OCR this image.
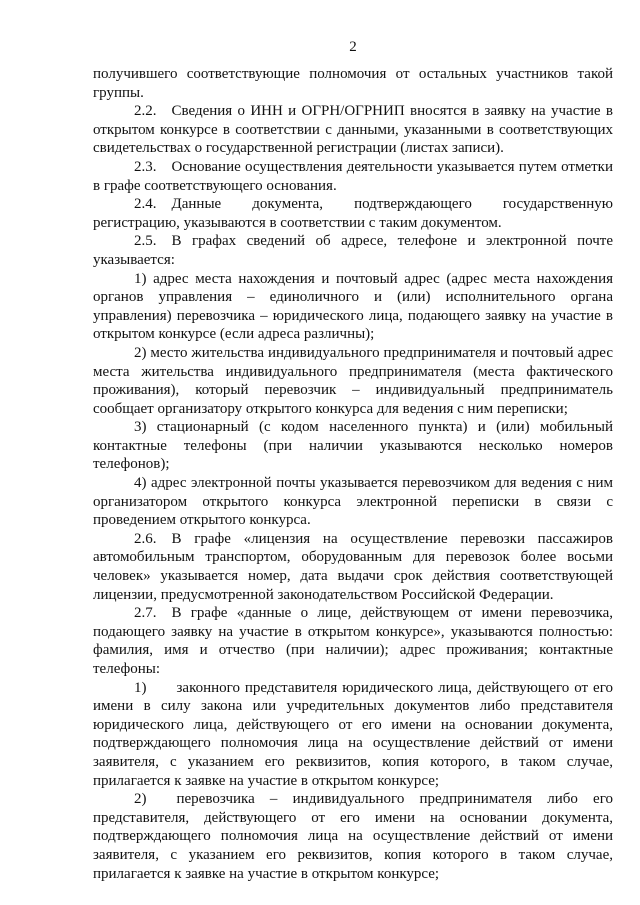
2

получившего соответствующие полномочия от остальных участников такой группы.

2.2. Сведения о ИНН и ОГРН/ОГРНИП вносятся в заявку на участие в открытом конкурсе в соответствии с данными, указанными в соответствующих свидетельствах о государственной регистрации (листах записи).

2.3. Основание осуществления деятельности указывается путем отметки в графе соответствующего основания.

2.4. Данные документа, подтверждающего государственную регистрацию, указываются в соответствии с таким документом.

2.5. В графах сведений об адресе, телефоне и электронной почте указывается:

1) адрес места нахождения и почтовый адрес (адрес места нахождения органов управления – единоличного и (или) исполнительного органа управления) перевозчика – юридического лица, подающего заявку на участие в открытом конкурсе (если адреса различны);

2) место жительства индивидуального предпринимателя и почтовый адрес места жительства индивидуального предпринимателя (места фактического проживания), который перевозчик – индивидуальный предприниматель сообщает организатору открытого конкурса для ведения с ним переписки;

3) стационарный (с кодом населенного пункта) и (или) мобильный контактные телефоны (при наличии указываются несколько номеров телефонов);

4) адрес электронной почты указывается перевозчиком для ведения с ним организатором открытого конкурса электронной переписки в связи с проведением открытого конкурса.

2.6. В графе «лицензия на осуществление перевозки пассажиров автомобильным транспортом, оборудованным для перевозок более восьми человек» указывается номер, дата выдачи срок действия соответствующей лицензии, предусмотренной законодательством Российской Федерации.

2.7. В графе «данные о лице, действующем от имени перевозчика, подающего заявку на участие в открытом конкурсе», указываются полностью: фамилия, имя и отчество (при наличии); адрес проживания; контактные телефоны:

1)  законного представителя юридического лица, действующего от его имени в силу закона или учредительных документов либо представителя юридического лица, действующего от его имени на основании документа, подтверждающего полномочия лица на осуществление действий от имени заявителя, с указанием его реквизитов, копия которого, в таком случае, прилагается к заявке на участие в открытом конкурсе;

2)  перевозчика – индивидуального предпринимателя либо его представителя, действующего от его имени на основании документа, подтверждающего полномочия лица на осуществление действий от имени заявителя, с указанием его реквизитов, копия которого в таком случае, прилагается к заявке на участие в открытом конкурсе;
